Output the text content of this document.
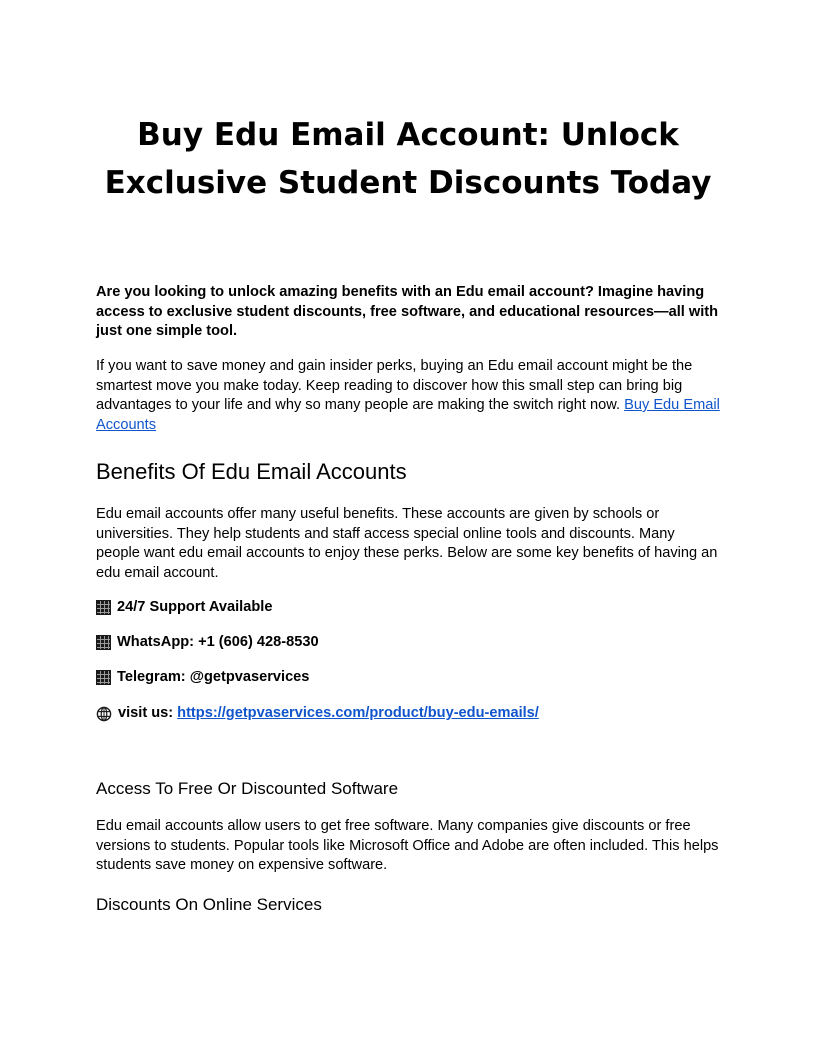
Buy Edu Email Account: Unlock
Exclusive Student Discounts Today

Are you looking to unlock amazing benefits with an Edu email account? Imagine having access to exclusive student discounts, free software, and educational resources—all with just one simple tool.

If you want to save money and gain insider perks, buying an Edu email account might be the smartest move you make today. Keep reading to discover how this small step can bring big advantages to your life and why so many people are making the switch right now. Buy Edu Email Accounts

Benefits Of Edu Email Accounts

Edu email accounts offer many useful benefits. These accounts are given by schools or universities. They help students and staff access special online tools and discounts. Many people want edu email accounts to enjoy these perks. Below are some key benefits of having an edu email account.

24/7 Support Available
WhatsApp: +1 (606) 428-8530
Telegram: @getpvaservices
visit us: https://getpvaservices.com/product/buy-edu-emails/
Access To Free Or Discounted Software

Edu email accounts allow users to get free software. Many companies give discounts or free versions to students. Popular tools like Microsoft Office and Adobe are often included. This helps students save money on expensive software.

Discounts On Online Services
